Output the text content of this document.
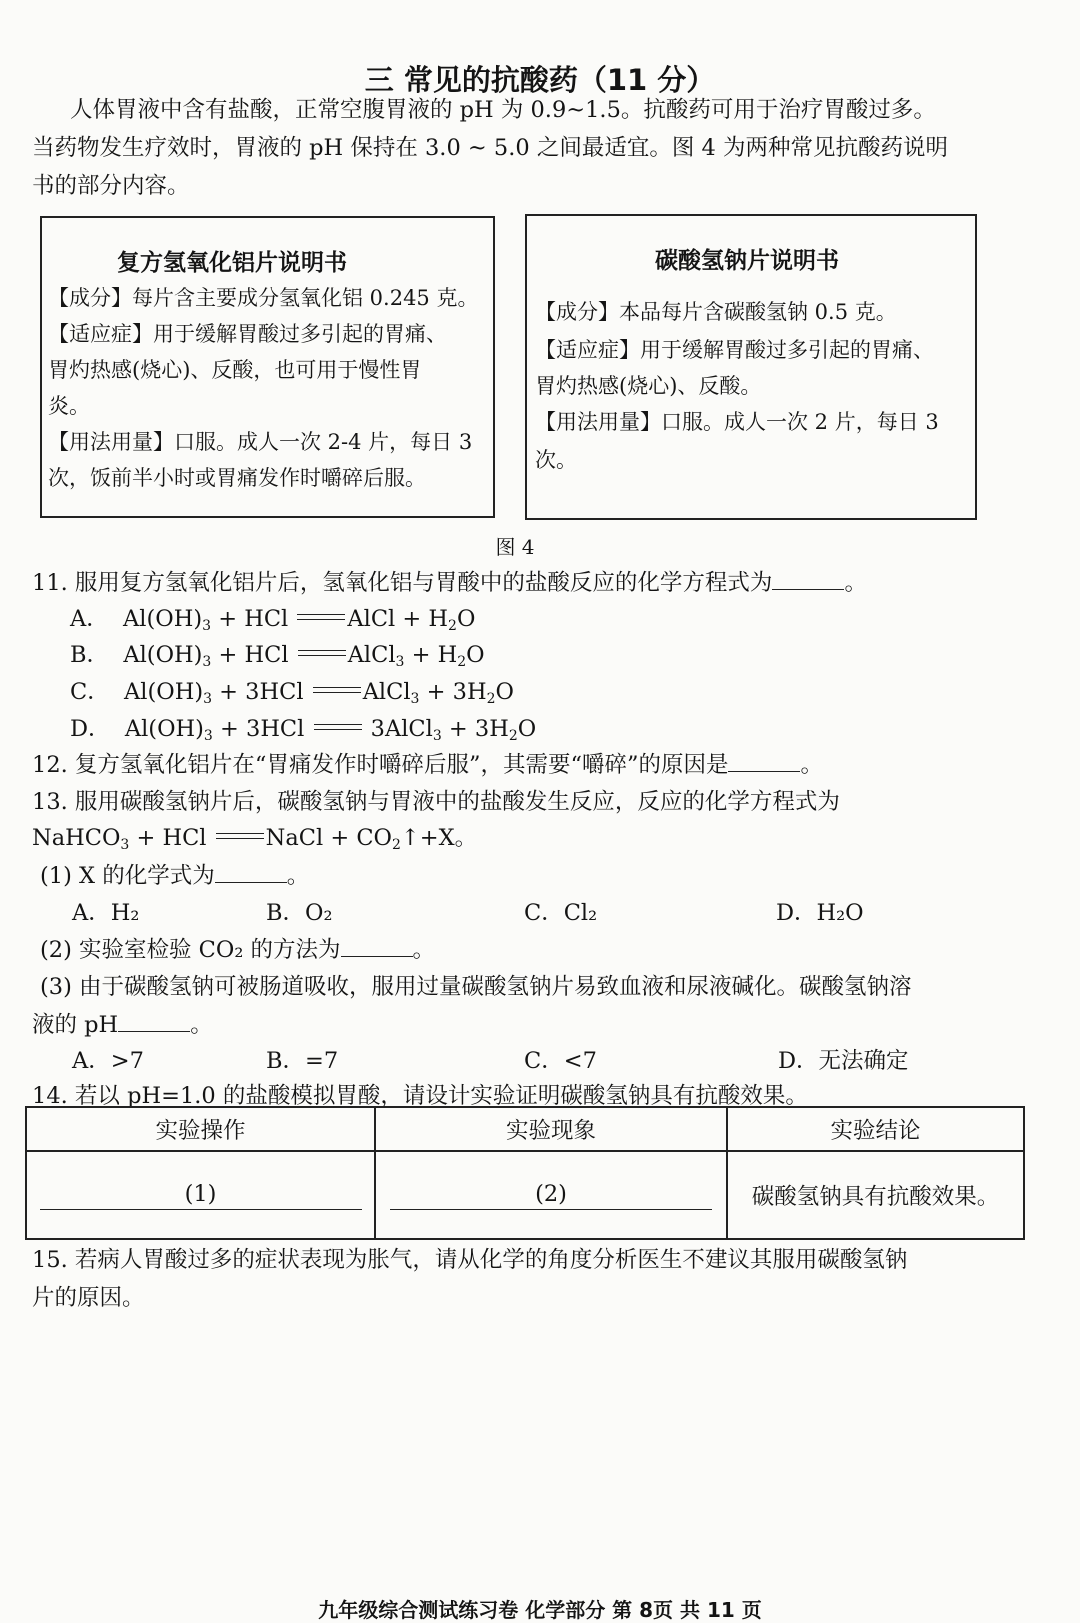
三 常见的抗酸药（11 分）
人体胃液中含有盐酸，正常空腹胃液的 pH 为 0.9~1.5。抗酸药可用于治疗胃酸过多。
当药物发生疗效时，胃液的 pH 保持在 3.0 ~ 5.0 之间最适宜。图 4 为两种常见抗酸药说明
书的部分内容。
复方氢氧化铝片说明书
【成分】每片含主要成分氢氧化铝 0.245 克。
【适应症】用于缓解胃酸过多引起的胃痛、
胃灼热感(烧心)、反酸，也可用于慢性胃
炎。
【用法用量】口服。成人一次 2-4 片，每日 3
次，饭前半小时或胃痛发作时嚼碎后服。
碳酸氢钠片说明书
【成分】本品每片含碳酸氢钠 0.5 克。
【适应症】用于缓解胃酸过多引起的胃痛、
胃灼热感(烧心)、反酸。
【用法用量】口服。成人一次 2 片，每日 3
次。
图 4
11. 服用复方氢氧化铝片后，氢氧化铝与胃酸中的盐酸反应的化学方程式为	。
A．  $Al(OH)_3$ + HCl AlCl + $H_2O$
B．  $Al(OH)_3$ + HCl AlCl$_3$ + $H_2O$
C．  $Al(OH)_3 + 3HCl$ AlCl$_3$ + $3H_2O$
D．  $Al(OH)_3 + 3HCl$  3AlCl$_3$ + $3H_2O$
12. 复方氢氧化铝片在“胃痛发作时嚼碎后服”，其需要“嚼碎”的原因是	。
13. 服用碳酸氢钠片后，碳酸氢钠与胃液中的盐酸发生反应，反应的化学方程式为
NaHCO$_3$ + HCl NaCl + $CO_2↑+X$。
(1) X 的化学式为	。
A．H₂	B．O₂	C．Cl₂	D．H₂O
(2) 实验室检验 CO₂ 的方法为	。
(3) 由于碳酸氢钠可被肠道吸收，服用过量碳酸氢钠片易致血液和尿液碱化。碳酸氢钠溶
液的 pH	。
A．>7	B．=7	C．<7	D．无法确定
14. 若以 pH=1.0 的盐酸模拟胃酸，请设计实验证明碳酸氢钠具有抗酸效果。
实验操作	实验现象	实验结论
(1)	(2)	碳酸氢钠具有抗酸效果。
15. 若病人胃酸过多的症状表现为胀气，请从化学的角度分析医生不建议其服用碳酸氢钠
片的原因。
九年级综合测试练习卷 化学部分 第 8页 共 11 页
